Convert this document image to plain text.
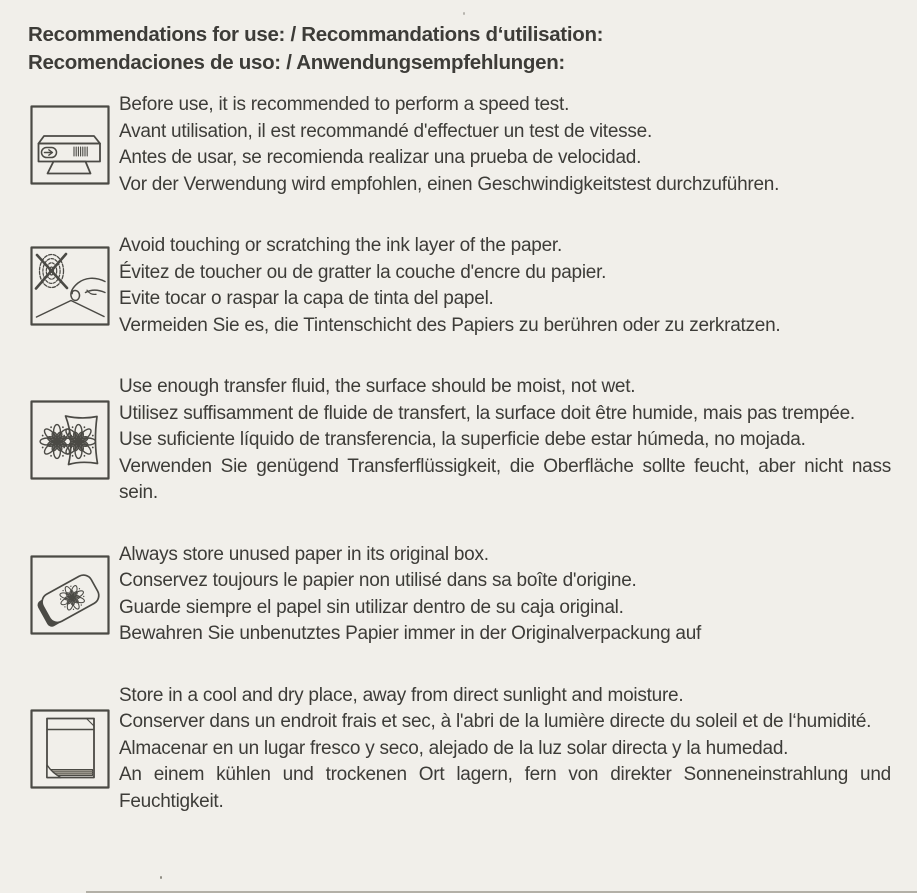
Recommendations for use: / Recommandations d‘utilisation:
Recomendaciones de uso: / Anwendungsempfehlungen:

Before use, it is recommended to perform a speed test.

Avant utilisation, il est recommandé d'effectuer un test de vitesse.

Antes de usar, se recomienda realizar una prueba de velocidad.

Vor der Verwendung wird empfohlen, einen Geschwindigkeitstest durchzuführen.

Avoid touching or scratching the ink layer of the paper.

Évitez de toucher ou de gratter la couche d'encre du papier.

Evite tocar o raspar la capa de tinta del papel.

Vermeiden Sie es, die Tintenschicht des Papiers zu berühren oder zu zerkratzen.

Use enough transfer fluid, the surface should be moist, not wet.

Utilisez suffisamment de fluide de transfert, la surface doit être humide, mais pas trempée.

Use suficiente líquido de transferencia, la superficie debe estar húmeda, no mojada.

Verwenden Sie genügend Transferflüssigkeit, die Oberfläche sollte feucht, aber nicht nass sein.

Always store unused paper in its original box.

Conservez toujours le papier non utilisé dans sa boîte d'origine.

Guarde siempre el papel sin utilizar dentro de su caja original.

Bewahren Sie unbenutztes Papier immer in der Originalverpackung auf

Store in a cool and dry place, away from direct sunlight and moisture.

Conserver dans un endroit frais et sec, à l'abri de la lumière directe du soleil et de l‘humidité.

Almacenar en un lugar fresco y seco, alejado de la luz solar directa y la humedad.

An einem kühlen und trockenen Ort lagern, fern von direkter Sonneneinstrahlung und Feuchtigkeit.
